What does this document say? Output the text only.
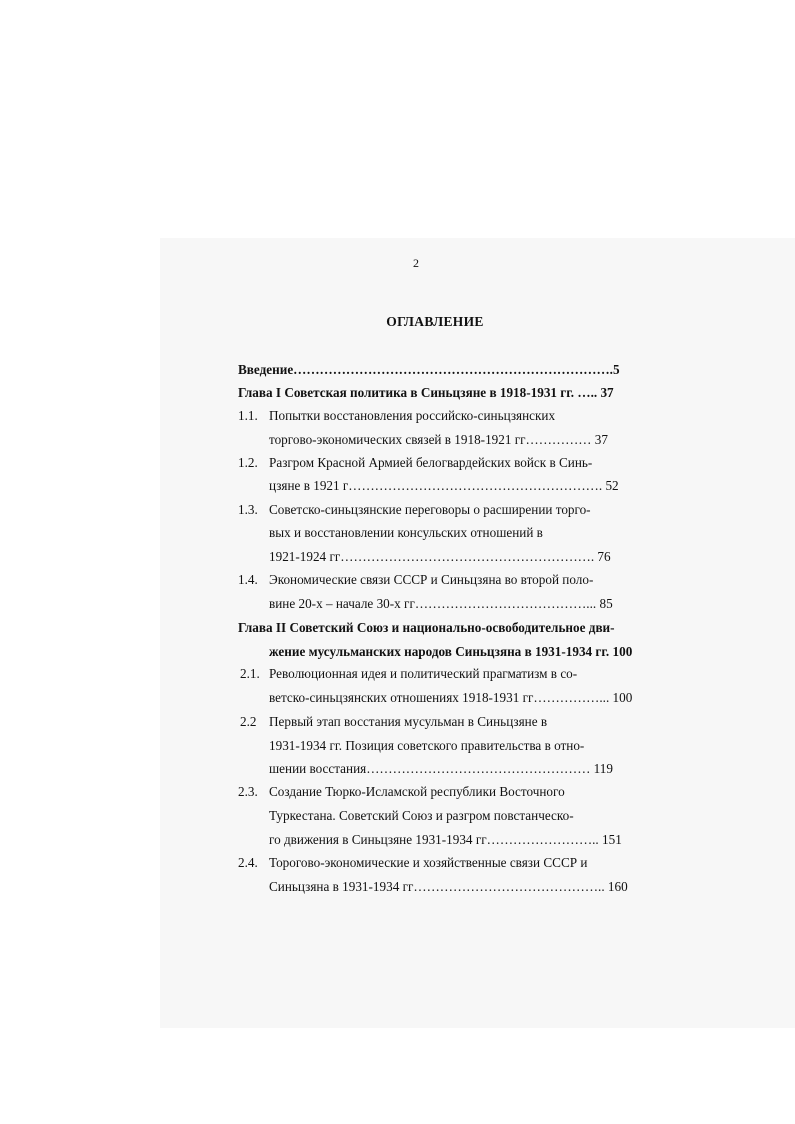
2
ОГЛАВЛЕНИЕ
Введение……………………………………………………………….5
Глава I Советская политика в Синьцзяне в 1918-1931 гг. ….. 37
1.1. Попытки восстановления российско-синьцзянских
торгово-экономических связей в 1918-1921 гг…………… 37
1.2. Разгром Красной Армией белогвардейских войск в Синь-
цзяне в 1921 г…………………………………………………. 52
1.3. Советско-синьцзянские переговоры о расширении торго-
вых и восстановлении консульских отношений в
1921-1924 гг…………………………………………………. 76
1.4. Экономические связи СССР и Синьцзяна во второй поло-
вине 20-х – начале 30-х гг…………………………………... 85
Глава II Советский Союз и национально-освободительное дви-
жение мусульманских народов Синьцзяна в 1931-1934 гг. 100
2.1. Революционная идея и политический прагматизм в со-
ветско-синьцзянских отношениях 1918-1931 гг……………... 100
2.2 Первый этап восстания мусульман в Синьцзяне в
1931-1934 гг. Позиция советского правительства в отно-
шении восстания…………………………………………… 119
2.3. Создание Тюрко-Исламской республики Восточного
Туркестана. Советский Союз и разгром повстанческо-
го движения в Синьцзяне 1931-1934 гг…………………….. 151
2.4. Торогово-экономические и хозяйственные связи СССР и
Синьцзяна в 1931-1934 гг…………………………………….. 160
